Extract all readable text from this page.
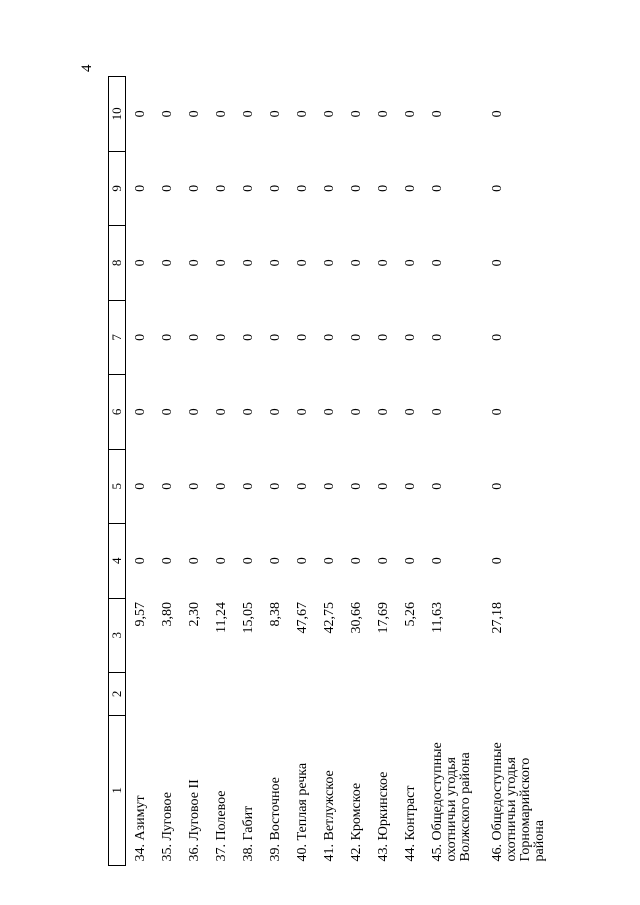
4
1	2	3	4	5	6	7	8	9	10
34. Азимут		9,57	0	0	0	0	0	0	0
35. Луговое		3,80	0	0	0	0	0	0	0
36. Луговое II		2,30	0	0	0	0	0	0	0
37. Полевое		11,24	0	0	0	0	0	0	0
38. Габит		15,05	0	0	0	0	0	0	0
39. Восточное		8,38	0	0	0	0	0	0	0
40. Теплая речка		47,67	0	0	0	0	0	0	0
41. Ветлужское		42,75	0	0	0	0	0	0	0
42. Кромское		30,66	0	0	0	0	0	0	0
43. Юркинское		17,69	0	0	0	0	0	0	0
44. Контраст		5,26	0	0	0	0	0	0	0
45. Общедоступные охотничьи угодья Волжского района		11,63	0	0	0	0	0	0	0
46. Общедоступные охотничьи угодья Горномарийского района		27,18	0	0	0	0	0	0	0
